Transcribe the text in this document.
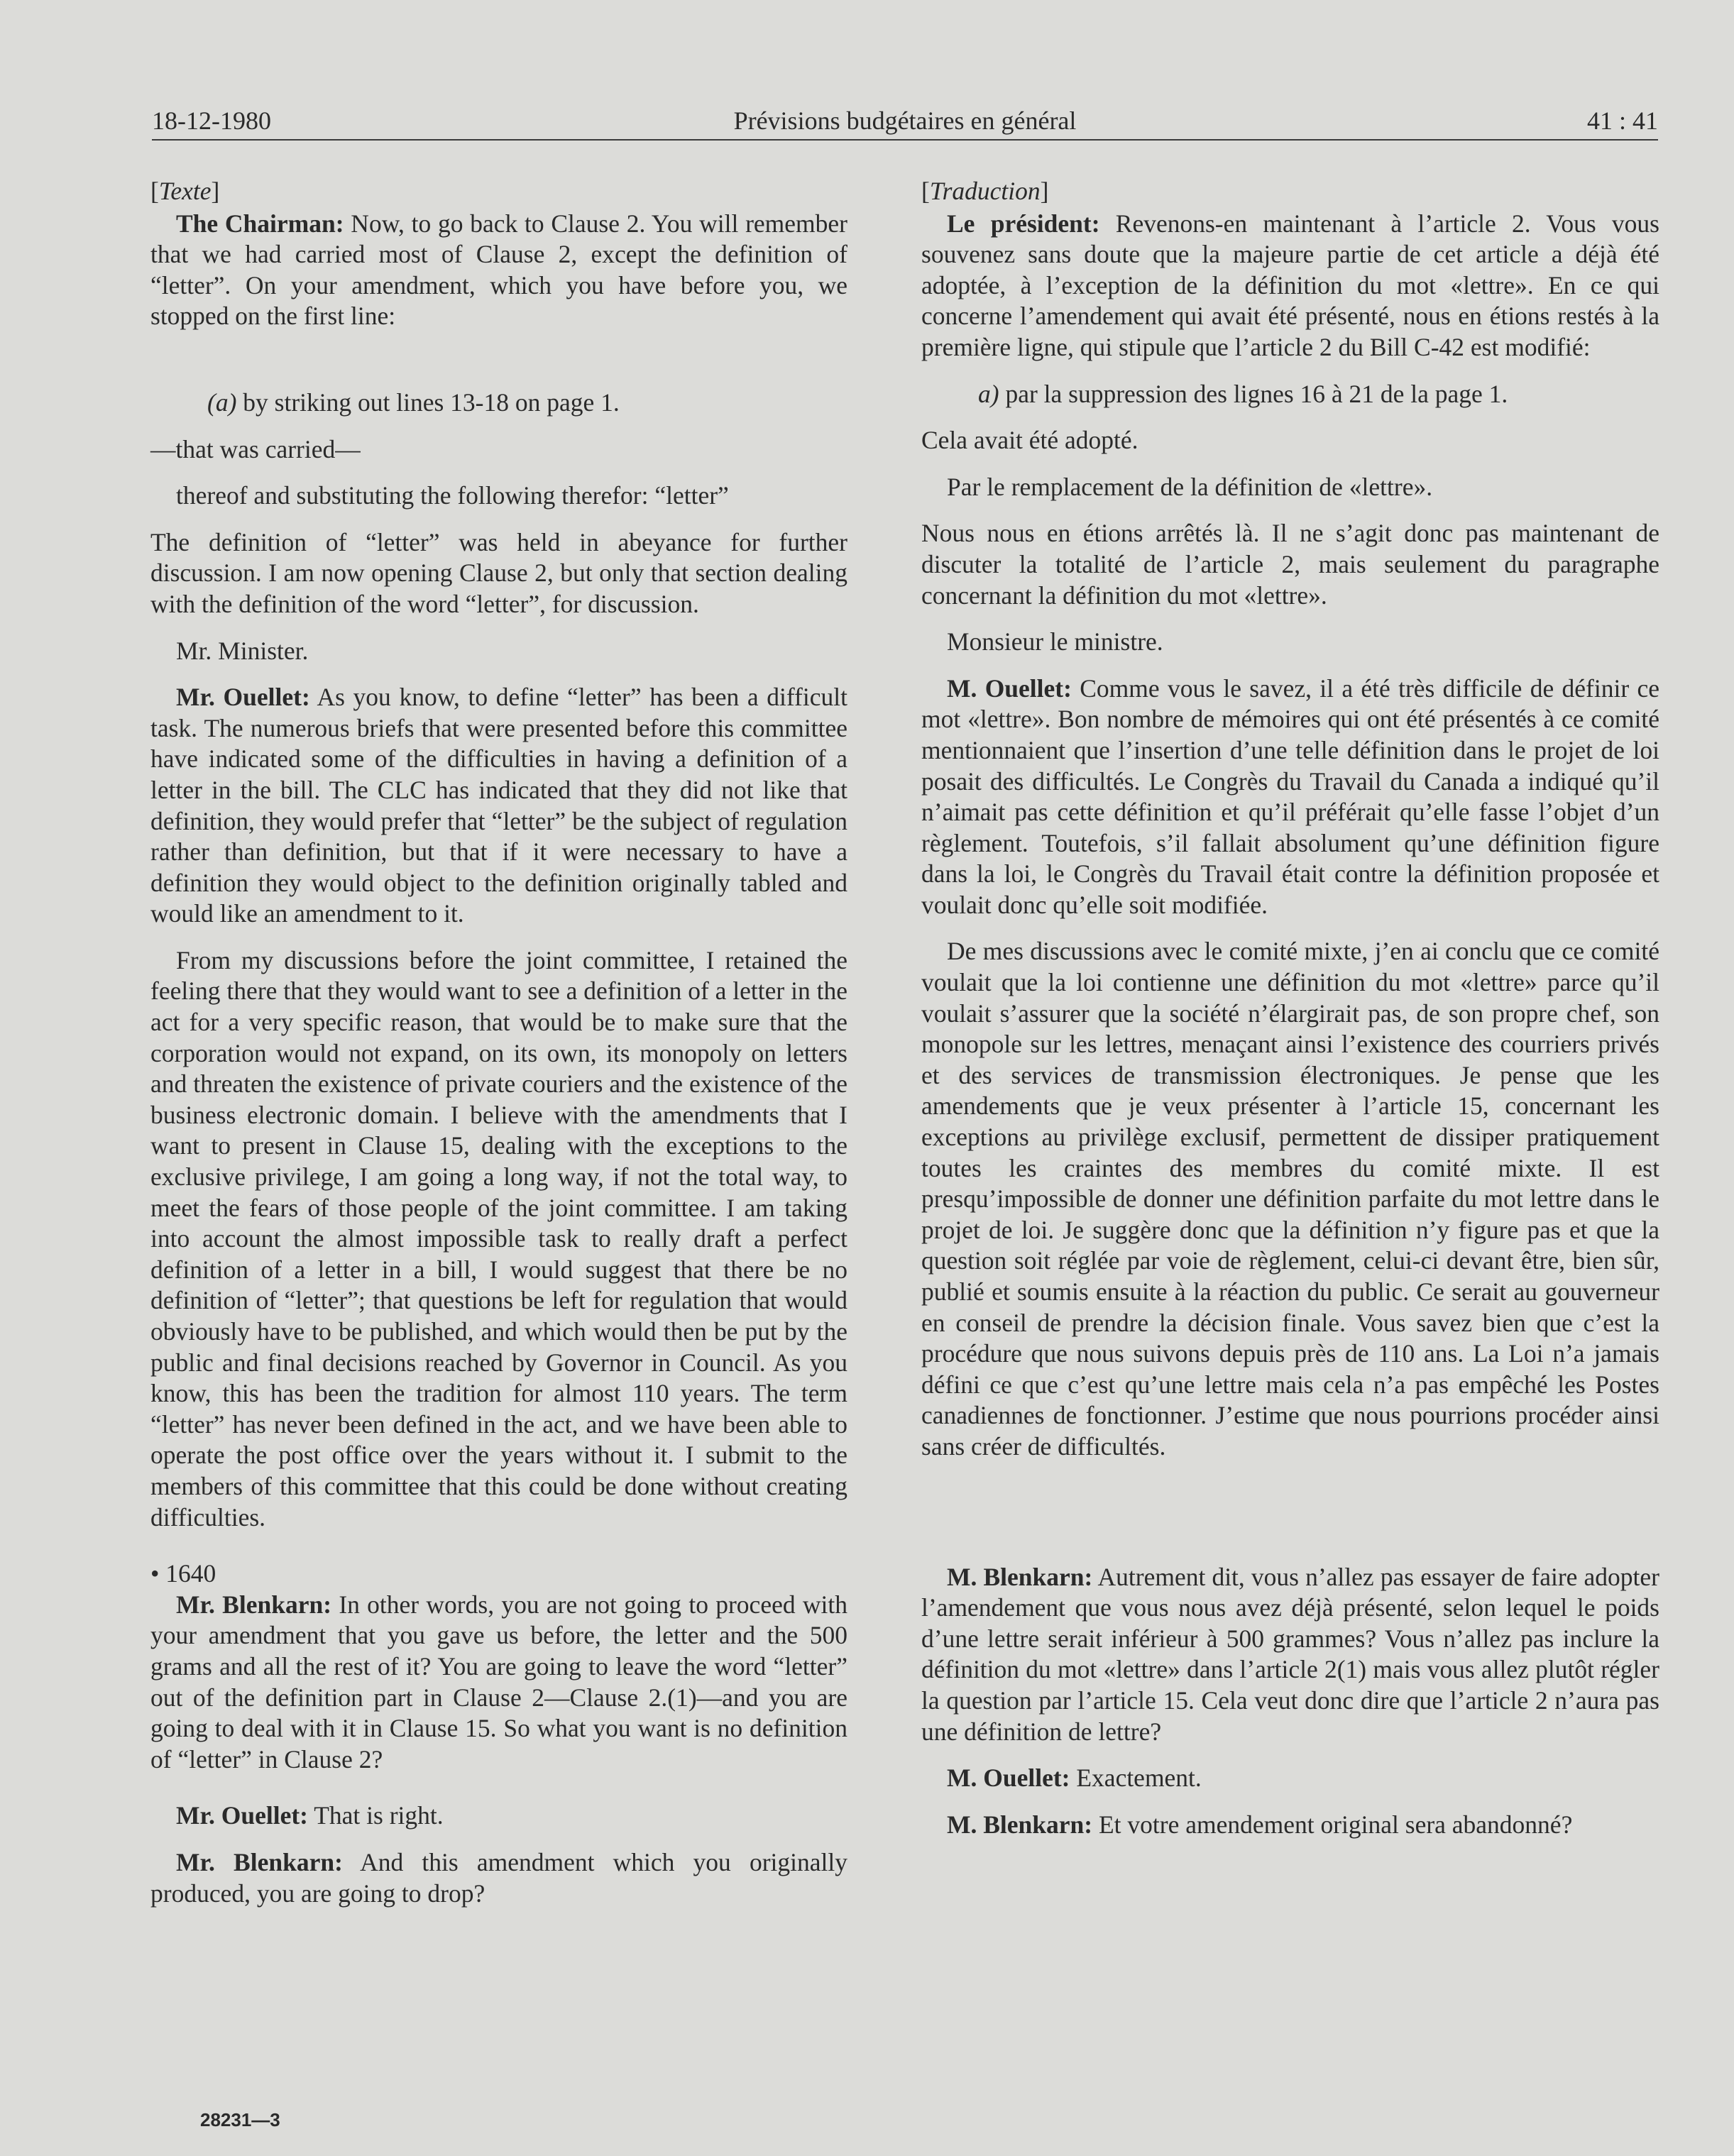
18-12-1980	Prévisions budgétaires en général	41 : 41

[Texte]

The Chairman: Now, to go back to Clause 2. You will remember that we had carried most of Clause 2, except the definition of “letter”. On your amendment, which you have before you, we stopped on the first line:

(a) by striking out lines 13-18 on page 1.

—that was carried—

thereof and substituting the following therefor: “letter”

The definition of “letter” was held in abeyance for further discussion. I am now opening Clause 2, but only that section dealing with the definition of the word “letter”, for discussion.

Mr. Minister.

Mr. Ouellet: As you know, to define “letter” has been a difficult task. The numerous briefs that were presented before this committee have indicated some of the difficulties in having a definition of a letter in the bill. The CLC has indicated that they did not like that definition, they would prefer that “letter” be the subject of regulation rather than definition, but that if it were necessary to have a definition they would object to the definition originally tabled and would like an amendment to it.

From my discussions before the joint committee, I retained the feeling there that they would want to see a definition of a letter in the act for a very specific reason, that would be to make sure that the corporation would not expand, on its own, its monopoly on letters and threaten the existence of private couriers and the existence of the business electronic domain. I believe with the amendments that I want to present in Clause 15, dealing with the exceptions to the exclusive privilege, I am going a long way, if not the total way, to meet the fears of those people of the joint committee. I am taking into account the almost impossible task to really draft a perfect definition of a letter in a bill, I would suggest that there be no definition of “letter”; that questions be left for regulation that would obviously have to be published, and which would then be put by the public and final decisions reached by Governor in Council. As you know, this has been the tradition for almost 110 years. The term “letter” has never been defined in the act, and we have been able to operate the post office over the years without it. I submit to the members of this committee that this could be done without creating difficulties.

• 1640

Mr. Blenkarn: In other words, you are not going to proceed with your amendment that you gave us before, the letter and the 500 grams and all the rest of it? You are going to leave the word “letter” out of the definition part in Clause 2—Clause 2.(1)—and you are going to deal with it in Clause 15. So what you want is no definition of “letter” in Clause 2?

Mr. Ouellet: That is right.

Mr. Blenkarn: And this amendment which you originally produced, you are going to drop?

[Traduction]

Le président: Revenons-en maintenant à l’article 2. Vous vous souvenez sans doute que la majeure partie de cet article a déjà été adoptée, à l’exception de la définition du mot «lettre». En ce qui concerne l’amendement qui avait été présenté, nous en étions restés à la première ligne, qui stipule que l’article 2 du Bill C-42 est modifié:

a) par la suppression des lignes 16 à 21 de la page 1.

Cela avait été adopté.

Par le remplacement de la définition de «lettre».

Nous nous en étions arrêtés là. Il ne s’agit donc pas maintenant de discuter la totalité de l’article 2, mais seulement du paragraphe concernant la définition du mot «lettre».

Monsieur le ministre.

M. Ouellet: Comme vous le savez, il a été très difficile de définir ce mot «lettre». Bon nombre de mémoires qui ont été présentés à ce comité mentionnaient que l’insertion d’une telle définition dans le projet de loi posait des difficultés. Le Congrès du Travail du Canada a indiqué qu’il n’aimait pas cette définition et qu’il préférait qu’elle fasse l’objet d’un règlement. Toutefois, s’il fallait absolument qu’une définition figure dans la loi, le Congrès du Travail était contre la définition proposée et voulait donc qu’elle soit modifiée.

De mes discussions avec le comité mixte, j’en ai conclu que ce comité voulait que la loi contienne une définition du mot «lettre» parce qu’il voulait s’assurer que la société n’élargirait pas, de son propre chef, son monopole sur les lettres, menaçant ainsi l’existence des courriers privés et des services de transmission électroniques. Je pense que les amendements que je veux présenter à l’article 15, concernant les exceptions au privilège exclusif, permettent de dissiper pratiquement toutes les craintes des membres du comité mixte. Il est presqu’impossible de donner une définition parfaite du mot lettre dans le projet de loi. Je suggère donc que la définition n’y figure pas et que la question soit réglée par voie de règlement, celui-ci devant être, bien sûr, publié et soumis ensuite à la réaction du public. Ce serait au gouverneur en conseil de prendre la décision finale. Vous savez bien que c’est la procédure que nous suivons depuis près de 110 ans. La Loi n’a jamais défini ce que c’est qu’une lettre mais cela n’a pas empêché les Postes canadiennes de fonctionner. J’estime que nous pourrions procéder ainsi sans créer de difficultés.

M. Blenkarn: Autrement dit, vous n’allez pas essayer de faire adopter l’amendement que vous nous avez déjà présenté, selon lequel le poids d’une lettre serait inférieur à 500 grammes? Vous n’allez pas inclure la définition du mot «lettre» dans l’article 2(1) mais vous allez plutôt régler la question par l’article 15. Cela veut donc dire que l’article 2 n’aura pas une définition de lettre?

M. Ouellet: Exactement.

M. Blenkarn: Et votre amendement original sera abandonné?

28231—3
